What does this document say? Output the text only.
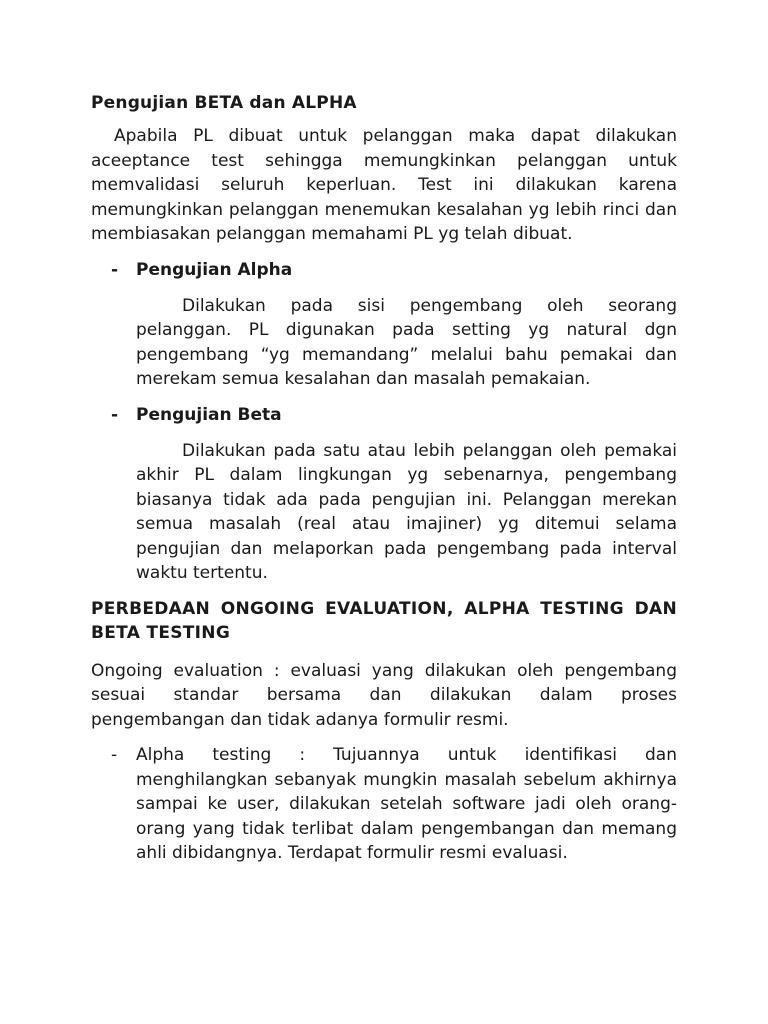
Pengujian BETA dan ALPHA

Apabila PL dibuat untuk pelanggan maka dapat dilakukan aceeptance test sehingga memungkinkan pelanggan untuk memvalidasi seluruh keperluan. Test ini dilakukan karena memungkinkan pelanggan menemukan kesalahan yg lebih rinci dan membiasakan pelanggan memahami PL yg telah dibuat.

- Pengujian Alpha

Dilakukan pada sisi pengembang oleh seorang pelanggan. PL digunakan pada setting yg natural dgn pengembang “yg memandang” melalui bahu pemakai dan merekam semua kesalahan dan masalah pemakaian.

- Pengujian Beta

Dilakukan pada satu atau lebih pelanggan oleh pemakai akhir PL dalam lingkungan yg sebenarnya, pengembang biasanya tidak ada pada pengujian ini. Pelanggan merekan semua masalah (real atau imajiner) yg ditemui selama pengujian dan melaporkan pada pengembang pada interval waktu tertentu.

PERBEDAAN ONGOING EVALUATION, ALPHA TESTING DAN BETA TESTING

Ongoing evaluation : evaluasi yang dilakukan oleh pengembang sesuai standar bersama dan dilakukan dalam proses pengembangan dan tidak adanya formulir resmi.

- Alpha testing : Tujuannya untuk identifikasi dan menghilangkan sebanyak mungkin masalah sebelum akhirnya sampai ke user, dilakukan setelah software jadi oleh orang-orang yang tidak terlibat dalam pengembangan dan memang ahli dibidangnya. Terdapat formulir resmi evaluasi.
